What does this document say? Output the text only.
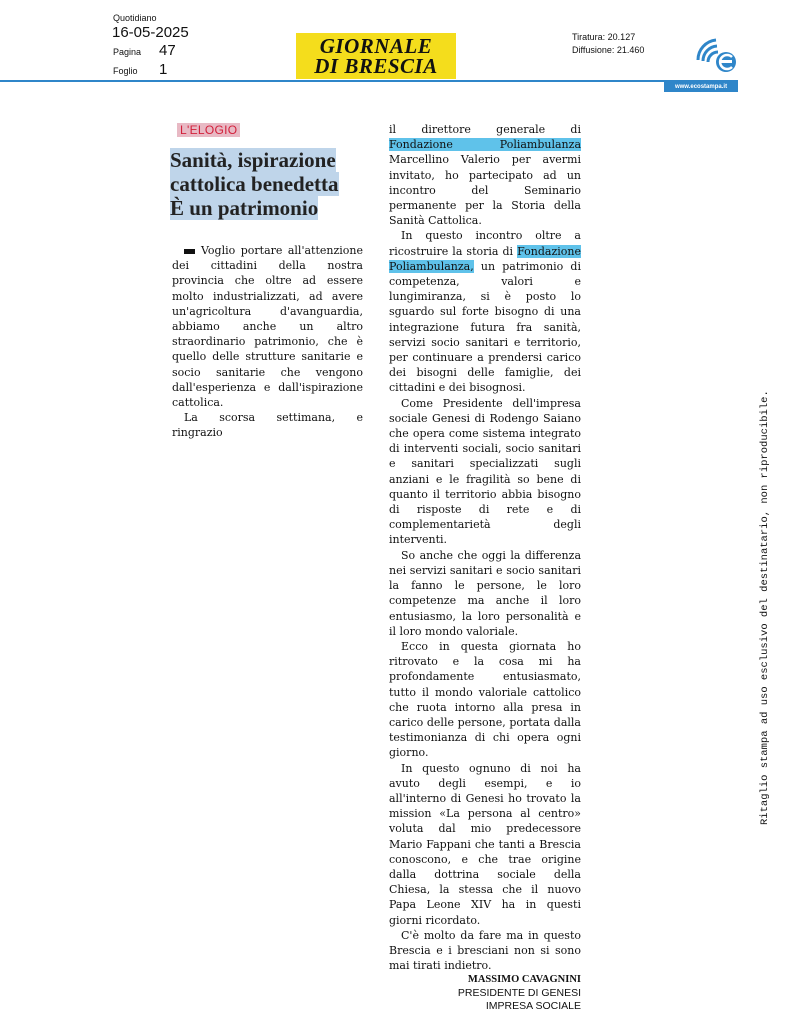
Quotidiano
16-05-2025
Pagina 47
Foglio 1
GIORNALE
DI BRESCIA
Tiratura: 20.127
Diffusione: 21.460
www.ecostampa.it
L'ELOGIO
Sanità, ispirazione
cattolica benedetta
È un patrimonio

Voglio portare all'attenzione dei cittadini della nostra provincia che oltre ad essere molto industrializzati, ad avere un'agricoltura d'avanguardia, abbiamo anche un altro straordinario patrimonio, che è quello delle strutture sanitarie e socio sanitarie che vengono dall'esperienza e dall'ispirazione cattolica.

La scorsa settimana, e ringrazio

il direttore generale di Fondazione Poliambulanza Marcellino Valerio per avermi invitato, ho partecipato ad un incontro del Seminario permanente per la Storia della Sanità Cattolica.

In questo incontro oltre a ricostruire la storia di Fondazione Poliambulanza, un patrimonio di competenza, valori e lungimiranza, si è posto lo sguardo sul forte bisogno di una integrazione futura fra sanità, servizi socio sanitari e territorio, per continuare a prendersi carico dei bisogni delle famiglie, dei cittadini e dei bisognosi.

Come Presidente dell'impresa sociale Genesi di Rodengo Saiano che opera come sistema integrato di interventi sociali, socio sanitari e sanitari specializzati sugli anziani e le fragilità so bene di quanto il territorio abbia bisogno di risposte di rete e di complementarietà degli interventi.

So anche che oggi la differenza nei servizi sanitari e socio sanitari la fanno le persone, le loro competenze ma anche il loro entusiasmo, la loro personalità e il loro mondo valoriale.

Ecco in questa giornata ho ritrovato e la cosa mi ha profondamente entusiasmato, tutto il mondo valoriale cattolico che ruota intorno alla presa in carico delle persone, portata dalla testimonianza di chi opera ogni giorno.

In questo ognuno di noi ha avuto degli esempi, e io all'interno di Genesi ho trovato la mission «La persona al centro» voluta dal mio predecessore Mario Fappani che tanti a Brescia conoscono, e che trae origine dalla dottrina sociale della Chiesa, la stessa che il nuovo Papa Leone XIV ha in questi giorni ricordato.

C'è molto da fare ma in questo Brescia e i bresciani non si sono mai tirati indietro.

MASSIMO CAVAGNINI
PRESIDENTE DI GENESI
IMPRESA SOCIALE
Ritaglio stampa ad uso esclusivo del destinatario, non riproducibile.
